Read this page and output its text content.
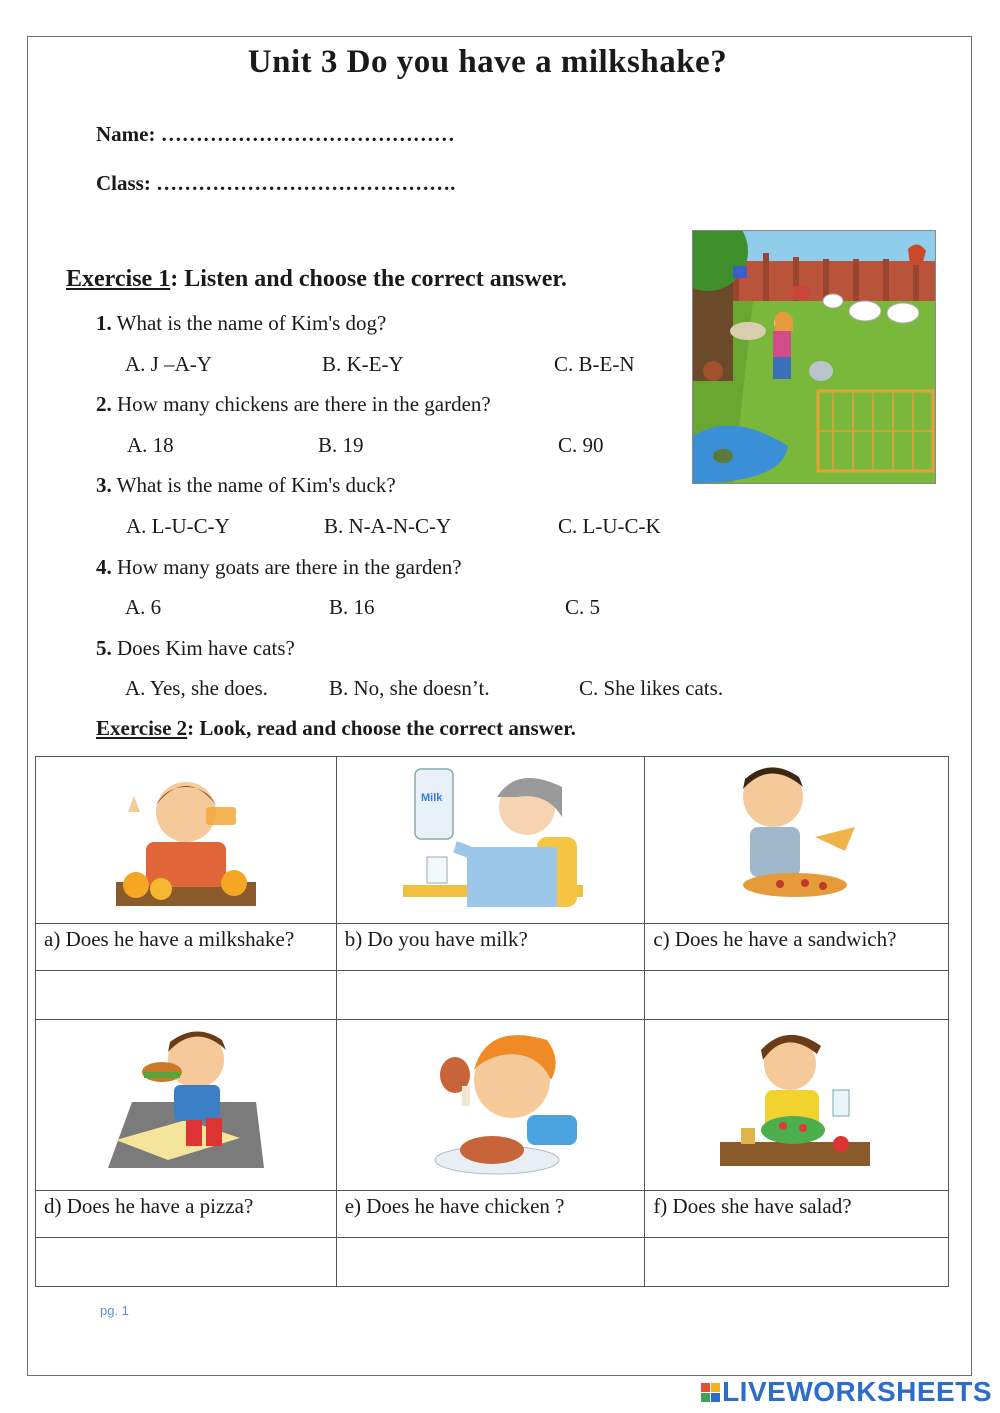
Unit 3 Do you have a milkshake?
Name: ……………………………………
Class: …………………………………….
Exercise 1: Listen and choose the correct answer.
1. What is the name of Kim's dog?
A. J –A-Y	B. K-E-Y	C. B-E-N
2. How many chickens are there in the garden?
A. 18	B. 19	C. 90
3. What is the name of Kim's duck?
A. L-U-C-Y	B. N-A-N-C-Y	C. L-U-C-K
4. How many goats are there in the garden?
A. 6	B. 16	C. 5
5. Does Kim have cats?
A. Yes, she does.	B. No, she doesn’t.	C. She likes cats.
Exercise 2: Look, read and choose the correct answer.

Milk

a) Does he have a milkshake?	b) Do you have milk?	c) Does he have a sandwich?

d) Does he have a pizza?	e) Does he have chicken ?	f) Does she have salad?

pg. 1
LIVEWORKSHEETS
